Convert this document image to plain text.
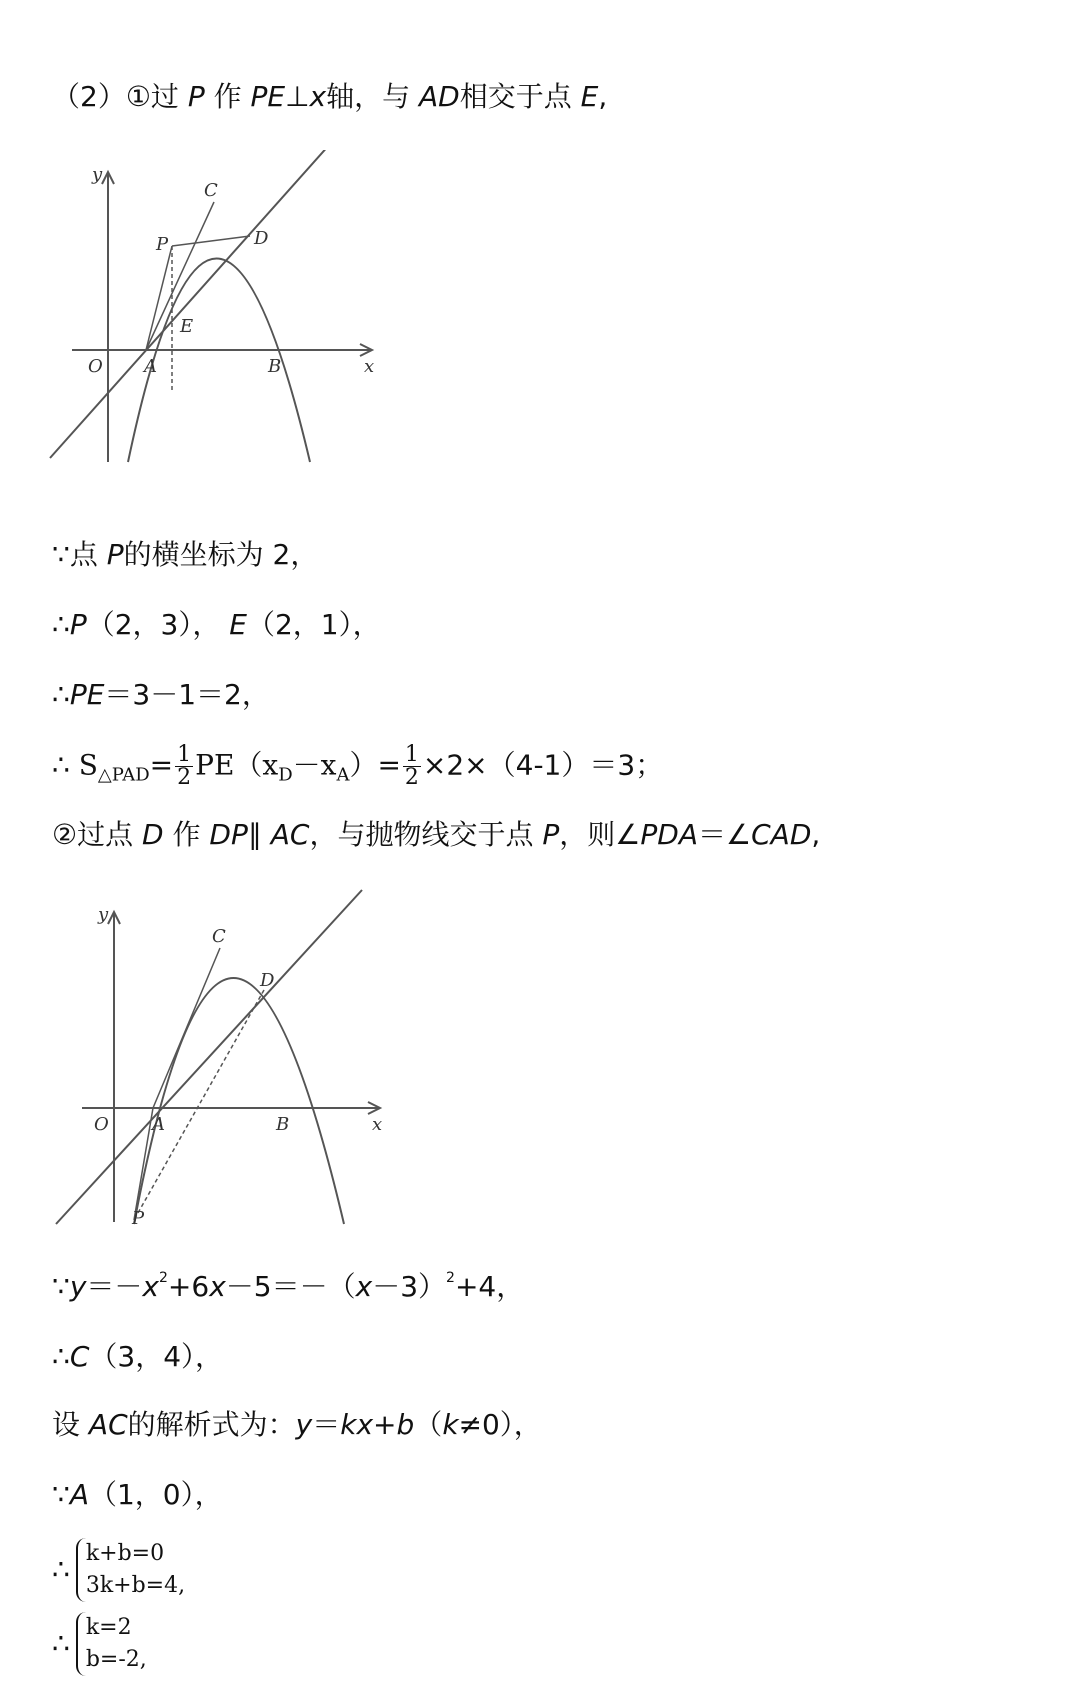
（2）①过 P 作 PE⊥x轴，与 AD相交于点 E,
y
x
O A	B
C
D
P
E
∵点 P的横坐标为 2，
∴P（2，3）， E（2，1），
∴PE＝3－1＝2，
∴ $S_{\triangle PAD}= \frac{1}{2} PE(x_D-x_A)= \frac{1}{2} \times 2\times(4-1)=3$；
②过点 D 作 DP∥ AC，与抛物线交于点 P，则∠PDA＝∠CAD,
y
x
O A	B
C
D
P
$\because y=-x^2+6x-5=-(x-3)^2+4$，
∴C（3，4），
设 AC的解析式为：y＝kx+b（k≠0），
∵A（1，0），
∴ k+b=0
3k+b=4,
∴ k=2
b=-2,
